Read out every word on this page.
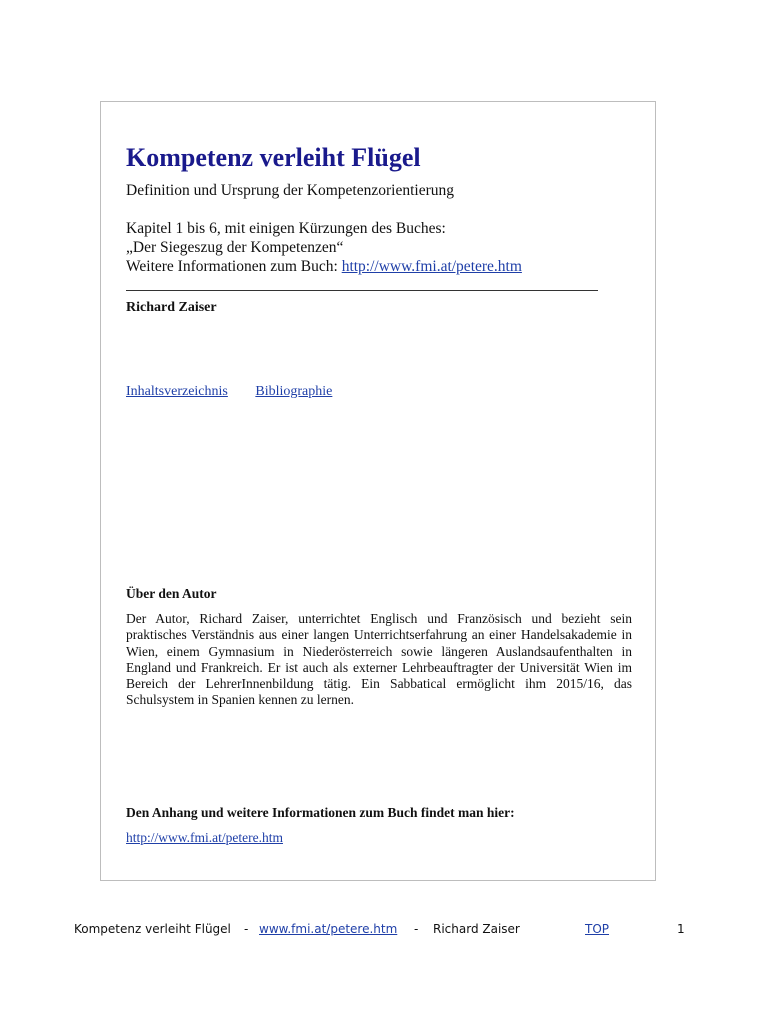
Kompetenz verleiht Flügel
Definition und Ursprung der Kompetenzorientierung
Kapitel 1 bis 6, mit einigen Kürzungen des Buches:
„Der Siegeszug der Kompetenzen“
Weitere Informationen zum Buch: http://www.fmi.at/petere.htm
Richard Zaiser
Inhaltsverzeichnis Bibliographie
Über den Autor

Der Autor, Richard Zaiser, unterrichtet Englisch und Französisch und bezieht sein praktisches Verständnis aus einer langen Unterrichtserfahrung an einer Handelsakademie in Wien, einem Gymnasium in Niederösterreich sowie längeren Auslandsaufenthalten in England und Frankreich. Er ist auch als externer Lehrbeauftragter der Universität Wien im Bereich der LehrerInnenbildung tätig. Ein Sabbatical ermöglicht ihm 2015/16, das Schulsystem in Spanien kennen zu lernen.

Den Anhang und weitere Informationen zum Buch findet man hier:
http://www.fmi.at/petere.htm
Kompetenz verleiht Flügel - www.fmi.at/petere.htm - Richard Zaiser	TOP	1
